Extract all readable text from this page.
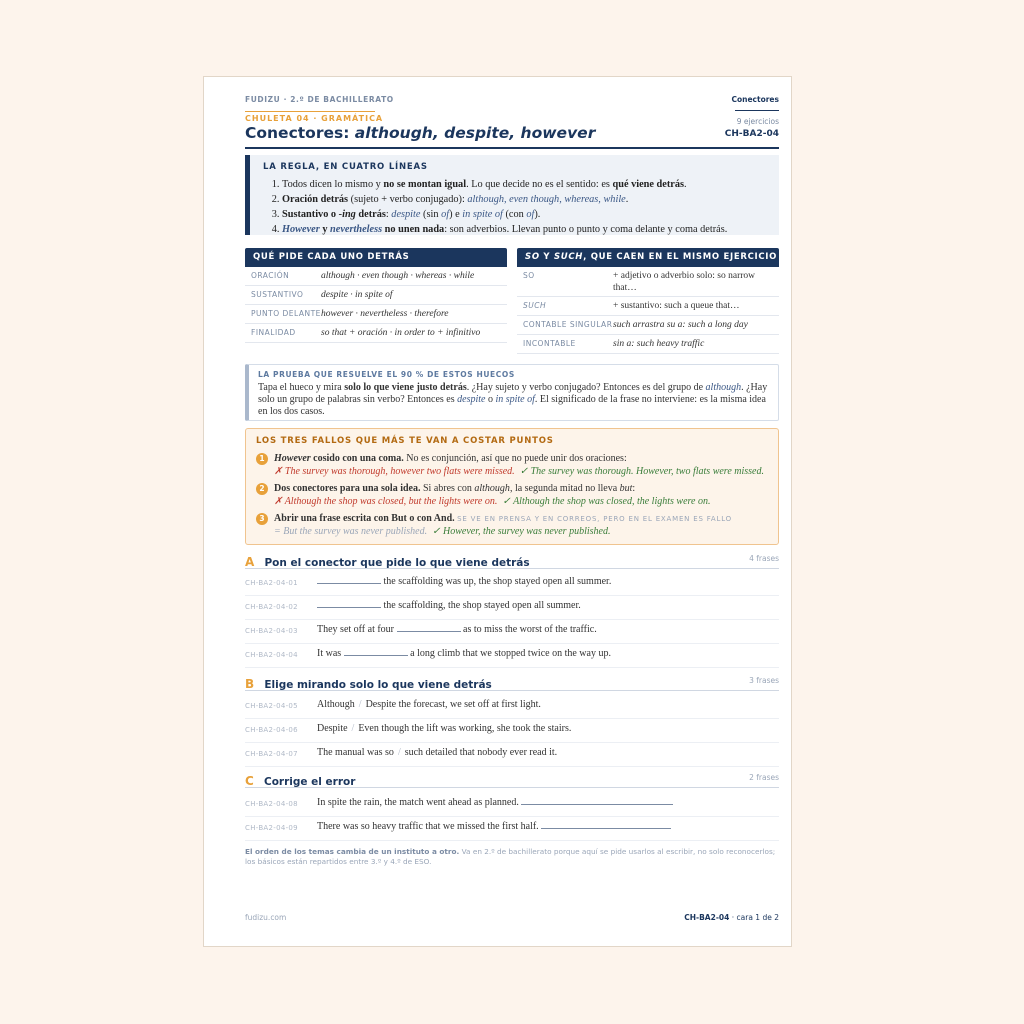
FUDIZU · 2.º DE BACHILLERATO	Conectores
CHULETA 04 · GRAMÁTICA
Conectores: although, despite, however
9 ejercicios
CH-BA2-04
LA REGLA, EN CUATRO LÍNEAS
1. Todos dicen lo mismo y no se montan igual. Lo que decide no es el sentido: es qué viene detrás.
2. Oración detrás (sujeto + verbo conjugado): although, even though, whereas, while.
3. Sustantivo o -ing detrás: despite (sin of) e in spite of (con of).
4. However y nevertheless no unen nada: son adverbios. Llevan punto o punto y coma delante y coma detrás.
QUÉ PIDE CADA UNO DETRÁS
ORACIÓN	although · even though · whereas · while
SUSTANTIVO	despite · in spite of
PUNTO DELANTE however · nevertheless · therefore
FINALIDAD	so that + oración · in order to + infinitivo
SO Y SUCH, QUE CAEN EN EL MISMO EJERCICIO
SO	+ adjetivo o adverbio solo: so narrow that…
SUCH	+ sustantivo: such a queue that…
CONTABLE SINGULAR such arrastra su a: such a long day
INCONTABLE	sin a: such heavy traffic
LA PRUEBA QUE RESUELVE EL 90 % DE ESTOS HUECOS
Tapa el hueco y mira solo lo que viene justo detrás. ¿Hay sujeto y verbo conjugado? Entonces es del grupo de although. ¿Hay solo un grupo de palabras sin verbo? Entonces es despite o in spite of. El significado de la frase no interviene: es la misma idea en los dos casos.
LOS TRES FALLOS QUE MÁS TE VAN A COSTAR PUNTOS
1 However cosido con una coma. No es conjunción, así que no puede unir dos oraciones:
✗ The survey was thorough, however two flats were missed. ✓ The survey was thorough. However, two flats were missed.
2 Dos conectores para una sola idea. Si abres con although, la segunda mitad no lleva but:
✗ Although the shop was closed, but the lights were on. ✓ Although the shop was closed, the lights were on.
3 Abrir una frase escrita con But o con And. SE VE EN PRENSA Y EN CORREOS, PERO EN EL EXAMEN ES FALLO
= But the survey was never published. ✓ However, the survey was never published.
A Pon el conector que pide lo que viene detrás	4 frases
CH-BA2-04-01	the scaffolding was up, the shop stayed open all summer.
CH-BA2-04-02	the scaffolding, the shop stayed open all summer.
CH-BA2-04-03 They set off at four	as to miss the worst of the traffic.
CH-BA2-04-04 It was	a long climb that we stopped twice on the way up.
B Elige mirando solo lo que viene detrás	3 frases
CH-BA2-04-05 Although / Despite the forecast, we set off at first light.
CH-BA2-04-06 Despite / Even though the lift was working, she took the stairs.
CH-BA2-04-07 The manual was so / such detailed that nobody ever read it.
C Corrige el error	2 frases
CH-BA2-04-08 In spite the rain, the match went ahead as planned.
CH-BA2-04-09 There was so heavy traffic that we missed the first half.
El orden de los temas cambia de un instituto a otro. Va en 2.º de bachillerato porque aquí se pide usarlos al escribir, no solo reconocerlos; los básicos están repartidos entre 3.º y 4.º de ESO.
fudizu.com	CH-BA2-04 · cara 1 de 2
